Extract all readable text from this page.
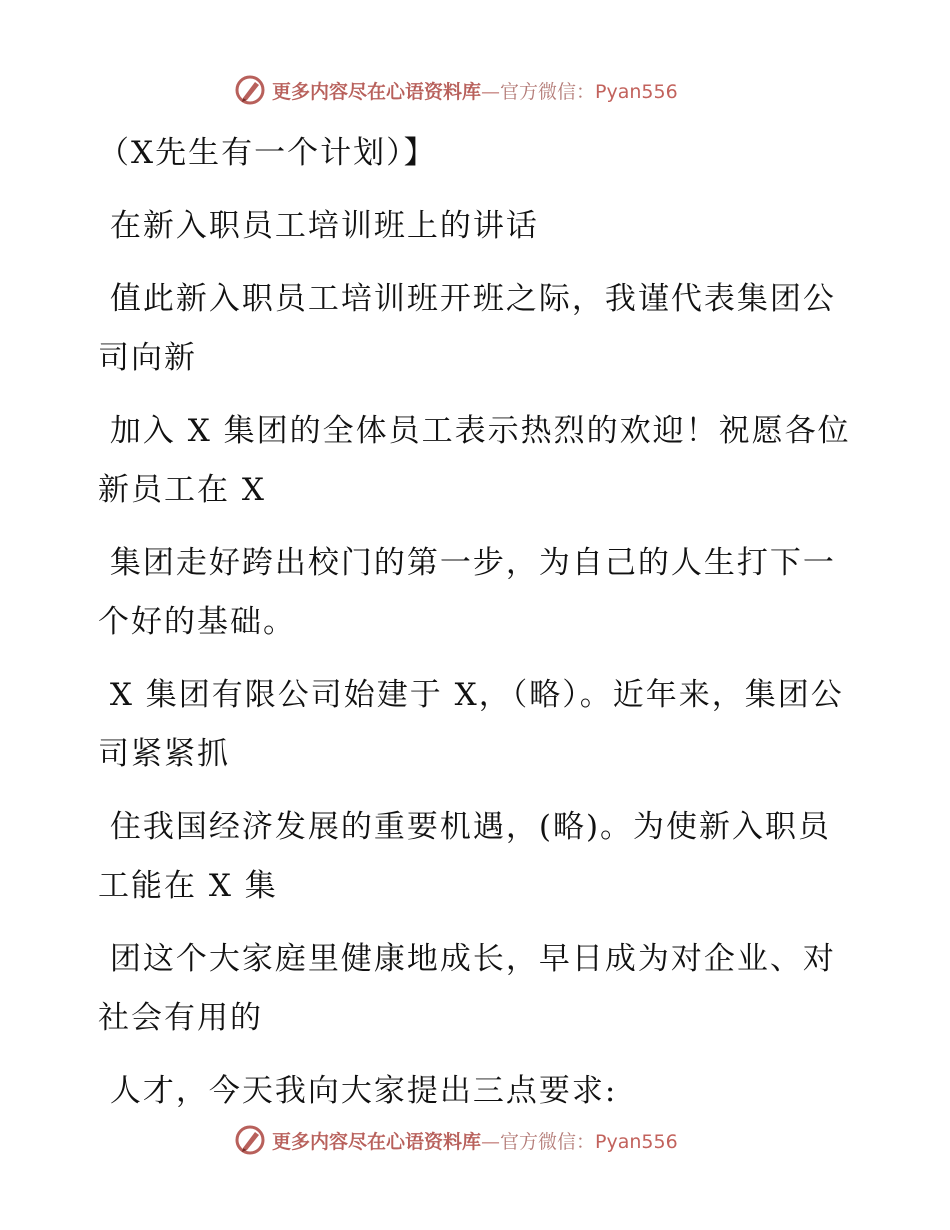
更多内容尽在心语资料库—官方微信：Pyan556

（X先生有一个计划）】

在新入职员工培训班上的讲话

值此新入职员工培训班开班之际，我谨代表集团公司向新

加入 X 集团的全体员工表示热烈的欢迎！祝愿各位新员工在 X

集团走好跨出校门的第一步，为自己的人生打下一个好的基础。

X 集团有限公司始建于 X，（略）。近年来，集团公司紧紧抓

住我国经济发展的重要机遇，(略)。为使新入职员工能在 X 集

团这个大家庭里健康地成长，早日成为对企业、对社会有用的

人才，今天我向大家提出三点要求:

更多内容尽在心语资料库—官方微信：Pyan556
